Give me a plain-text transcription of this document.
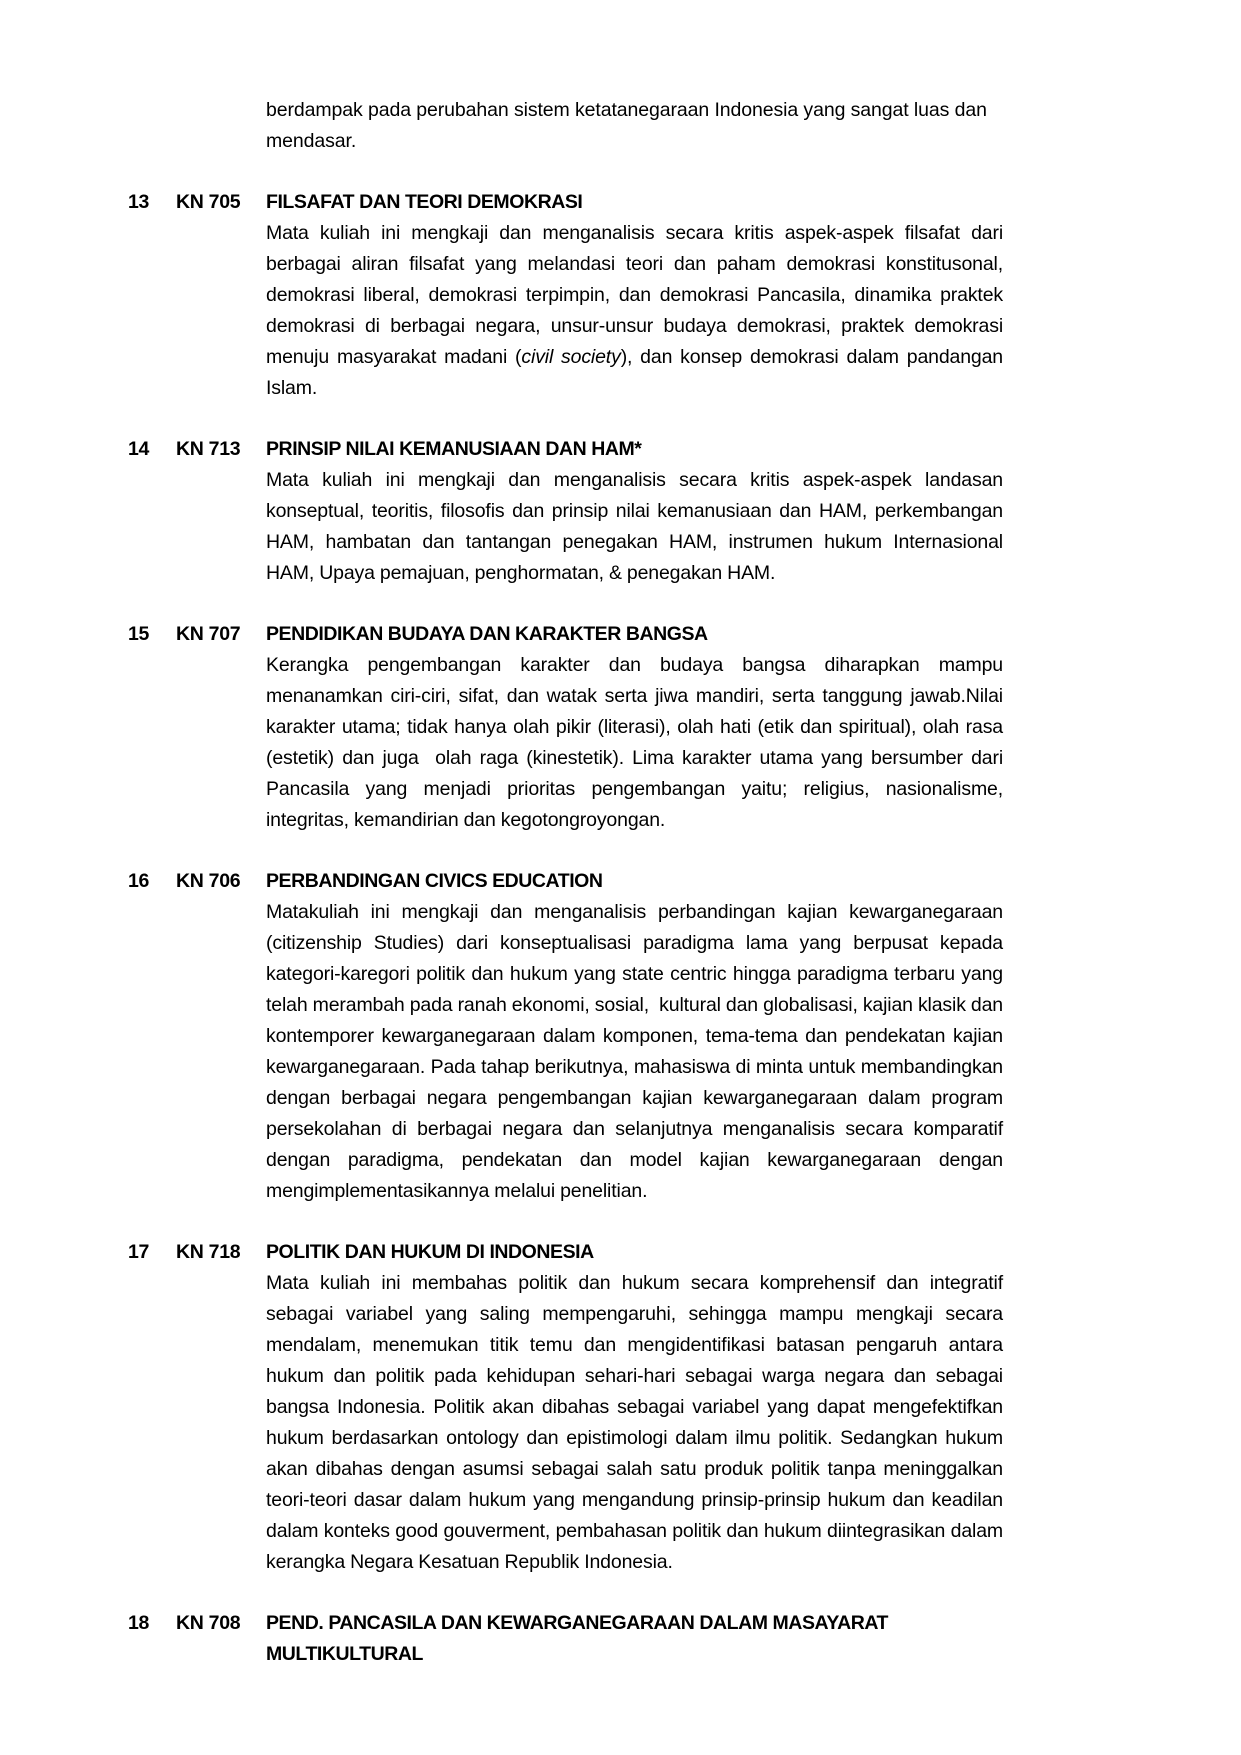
berdampak pada perubahan sistem ketatanegaraan Indonesia yang sangat luas dan

mendasar.

13	KN 705	FILSAFAT DAN TEORI DEMOKRASI

Mata kuliah ini mengkaji dan menganalisis secara kritis aspek-aspek filsafat dari berbagai aliran filsafat yang melandasi teori dan paham demokrasi konstitusonal, demokrasi liberal, demokrasi terpimpin, dan demokrasi Pancasila, dinamika praktek demokrasi di berbagai negara, unsur-unsur budaya demokrasi, praktek demokrasi menuju masyarakat madani (civil society), dan konsep demokrasi dalam pandangan Islam.

14	KN 713	PRINSIP NILAI KEMANUSIAAN DAN HAM*

Mata kuliah ini mengkaji dan menganalisis secara kritis aspek-aspek landasan konseptual, teoritis, filosofis dan prinsip nilai kemanusiaan dan HAM, perkembangan HAM, hambatan dan tantangan penegakan HAM, instrumen hukum Internasional HAM, Upaya pemajuan, penghormatan, & penegakan HAM.

15	KN 707	PENDIDIKAN BUDAYA DAN KARAKTER BANGSA

Kerangka pengembangan karakter dan budaya bangsa diharapkan mampu menanamkan ciri-ciri, sifat, dan watak serta jiwa mandiri, serta tanggung jawab.Nilai karakter utama; tidak hanya olah pikir (literasi), olah hati (etik dan spiritual), olah rasa (estetik) dan juga  olah raga (kinestetik). Lima karakter utama yang bersumber dari Pancasila yang menjadi prioritas pengembangan yaitu; religius, nasionalisme, integritas, kemandirian dan kegotongroyongan.

16	KN 706	PERBANDINGAN CIVICS EDUCATION

Matakuliah ini mengkaji dan menganalisis perbandingan kajian kewarganegaraan (citizenship Studies) dari konseptualisasi paradigma lama yang berpusat kepada kategori-karegori politik dan hukum yang state centric hingga paradigma terbaru yang telah merambah pada ranah ekonomi, sosial,  kultural dan globalisasi, kajian klasik dan kontemporer kewarganegaraan dalam komponen, tema-tema dan pendekatan kajian kewarganegaraan. Pada tahap berikutnya, mahasiswa di minta untuk membandingkan dengan berbagai negara pengembangan kajian kewarganegaraan dalam program persekolahan di berbagai negara dan selanjutnya menganalisis secara komparatif dengan paradigma, pendekatan dan model kajian kewarganegaraan dengan mengimplementasikannya melalui penelitian.

17	KN 718	POLITIK DAN HUKUM DI INDONESIA

Mata kuliah ini membahas politik dan hukum secara komprehensif dan integratif sebagai variabel yang saling mempengaruhi, sehingga mampu mengkaji secara mendalam, menemukan titik temu dan mengidentifikasi batasan pengaruh antara hukum dan politik pada kehidupan sehari-hari sebagai warga negara dan sebagai bangsa Indonesia. Politik akan dibahas sebagai variabel yang dapat mengefektifkan hukum berdasarkan ontology dan epistimologi dalam ilmu politik. Sedangkan hukum akan dibahas dengan asumsi sebagai salah satu produk politik tanpa meninggalkan teori-teori dasar dalam hukum yang mengandung prinsip-prinsip hukum dan keadilan dalam konteks good gouverment, pembahasan politik dan hukum diintegrasikan dalam kerangka Negara Kesatuan Republik Indonesia.

18	KN 708	PEND. PANCASILA DAN KEWARGANEGARAAN DALAM MASAYARAT MULTIKULTURAL
